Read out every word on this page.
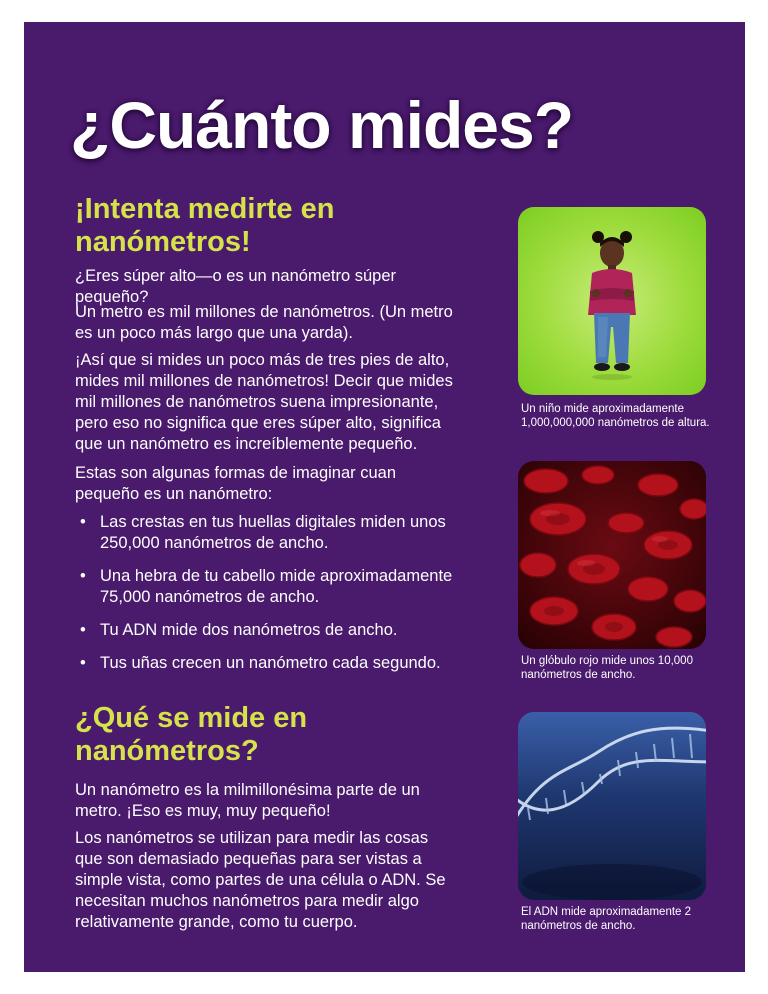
¿Cuánto mides?
¡Intenta medirte en nanómetros!

¿Eres súper alto—o es un nanómetro súper pequeño?

Un metro es mil millones de nanómetros. (Un metro es un poco más largo que una yarda).

¡Así que si mides un poco más de tres pies de alto, mides mil millones de nanómetros! Decir que mides mil millones de nanómetros suena impresionante, pero eso no significa que eres súper alto, significa que un nanómetro es increíblemente pequeño.

Estas son algunas formas de imaginar cuan pequeño es un nanómetro:

• Las crestas en tus huellas digitales miden unos 250,000 nanómetros de ancho.
• Una hebra de tu cabello mide aproximadamente 75,000 nanómetros de ancho.
• Tu ADN mide dos nanómetros de ancho.
• Tus uñas crecen un nanómetro cada segundo.
¿Qué se mide en nanómetros?

Un nanómetro es la milmillonésima parte de un metro. ¡Eso es muy, muy pequeño!

Los nanómetros se utilizan para medir las cosas que son demasiado pequeñas para ser vistas a simple vista, como partes de una célula o ADN. Se necesitan muchos nanómetros para medir algo relativamente grande, como tu cuerpo.

Un niño mide aproximadamente 1,000,000,000 nanómetros de altura.

Un glóbulo rojo mide unos 10,000 nanómetros de ancho.

El ADN mide aproximadamente 2 nanómetros de ancho.
